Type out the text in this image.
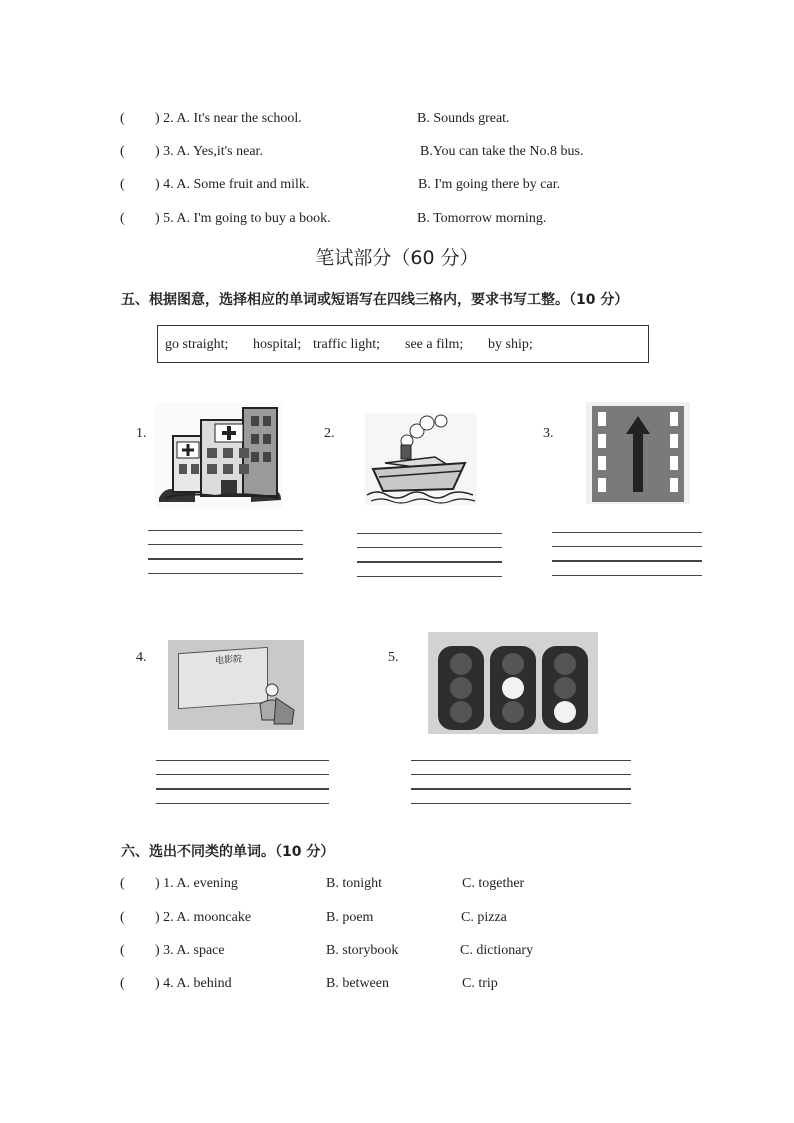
( ) 2. A. It's near the school.	B. Sounds great.
( ) 3. A. Yes,it's near.	B.You can take the No.8 bus.
( ) 4. A. Some fruit and milk.	B. I'm going there by car.
( ) 5. A. I'm going to buy a book.	B. Tomorrow morning.
笔试部分（60 分）
五、根据图意，选择相应的单词或短语写在四线三格内，要求书写工整。（10 分）
go straight; hospital; traffic light; see a film; by ship;
1.	2.	3.
4.	电影院	5.
六、选出不同类的单词。（10 分）
( ) 1. A. evening	B. tonight	C. together
( ) 2. A. mooncake	B. poem	C. pizza
( ) 3. A. space	B. storybook	C. dictionary
( ) 4. A. behind	B. between	C. trip
